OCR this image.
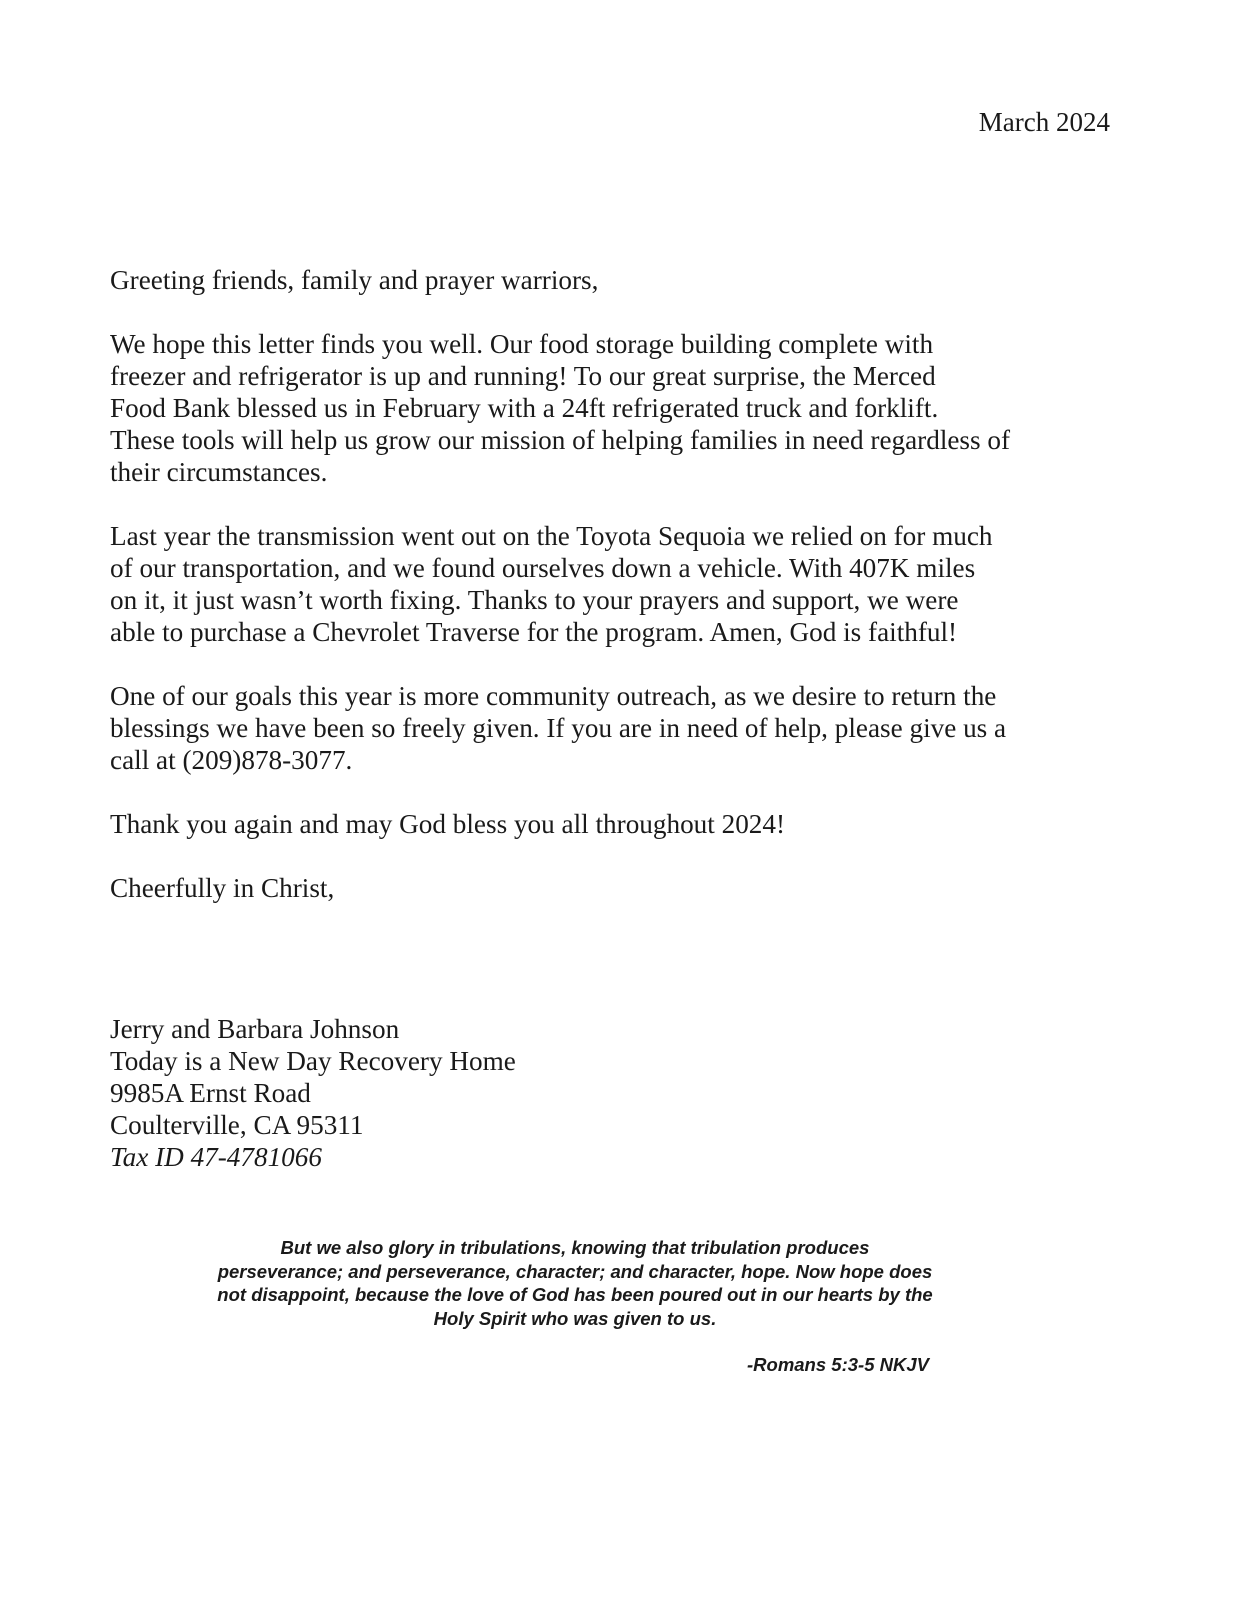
March 2024

Greeting friends, family and prayer warriors,

We hope this letter finds you well. Our food storage building complete with
freezer and refrigerator is up and running! To our great surprise, the Merced
Food Bank blessed us in February with a 24ft refrigerated truck and forklift.
These tools will help us grow our mission of helping families in need regardless of
their circumstances.

Last year the transmission went out on the Toyota Sequoia we relied on for much
of our transportation, and we found ourselves down a vehicle. With 407K miles
on it, it just wasn’t worth fixing. Thanks to your prayers and support, we were
able to purchase a Chevrolet Traverse for the program. Amen, God is faithful!

One of our goals this year is more community outreach, as we desire to return the
blessings we have been so freely given. If you are in need of help, please give us a
call at (209)878-3077.

Thank you again and may God bless you all throughout 2024!

Cheerfully in Christ,

Jerry and Barbara Johnson
Today is a New Day Recovery Home
9985A Ernst Road
Coulterville, CA 95311
Tax ID 47-4781066
But we also glory in tribulations, knowing that tribulation produces
perseverance; and perseverance, character; and character, hope. Now hope does
not disappoint, because the love of God has been poured out in our hearts by the
Holy Spirit who was given to us.
-Romans 5:3-5 NKJV
